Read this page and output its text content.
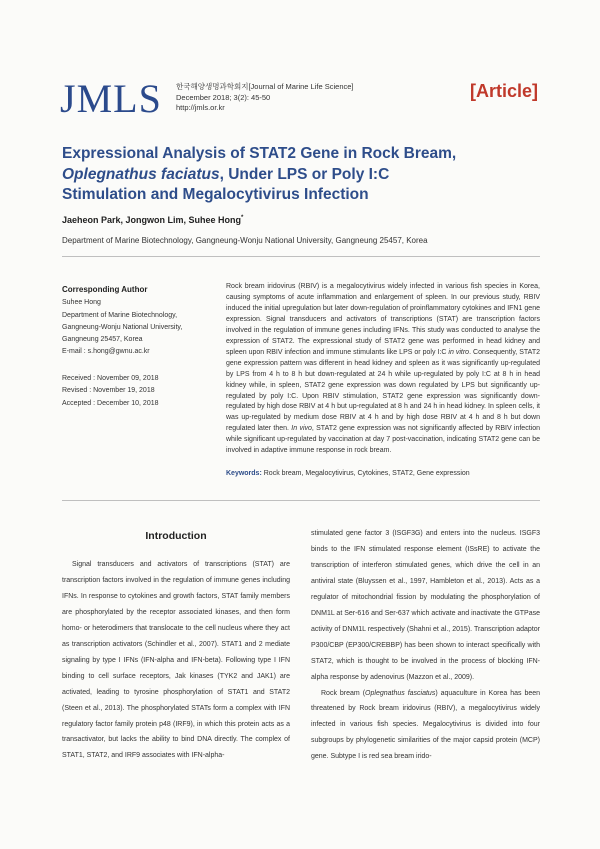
JMLS 한국해양생명과학회지[Journal of Marine Life Science]
December 2018; 3(2): 45-50
http://jmls.or.kr
[Article]
Expressional Analysis of STAT2 Gene in Rock Bream,
Oplegnathus faciatus, Under LPS or Poly I:C
Stimulation and Megalocytivirus Infection
Jaeheon Park, Jongwon Lim, Suhee Hong*
Department of Marine Biotechnology, Gangneung-Wonju National University, Gangneung 25457, Korea
Corresponding Author
Suhee Hong
Department of Marine Biotechnology,
Gangneung-Wonju National University,
Gangneung 25457, Korea
E-mail : s.hong@gwnu.ac.kr
Received : November 09, 2018
Revised : November 19, 2018
Accepted : December 10, 2018
Rock bream iridovirus (RBIV) is a megalocytivirus widely infected in various fish species in Korea, causing symptoms of acute inflammation and enlargement of spleen. In our previous study, RBIV induced the initial upregulation but later down-regulation of proinflammatory cytokines and IFN1 gene expression. Signal transducers and activators of transcriptions (STAT) are transcription factors involved in the regulation of immune genes including IFNs. This study was conducted to analyse the expression of STAT2. The expressional study of STAT2 gene was performed in head kidney and spleen upon RBIV infection and immune stimulants like LPS or poly I:C in vitro. Consequently, STAT2 gene expression pattern was different in head kidney and spleen as it was significantly up-regulated by LPS from 4 h to 8 h but down-regulated at 24 h while up-regulated by poly I:C at 8 h in head kidney while, in spleen, STAT2 gene expression was down regulated by LPS but significantly up-regulated by poly I:C. Upon RBIV stimulation, STAT2 gene expression was significantly down-regulated by high dose RBIV at 4 h but up-regulated at 8 h and 24 h in head kidney. In spleen cells, it was up-regulated by medium dose RBIV at 4 h and by high dose RBIV at 4 h and 8 h but down regulated later then. In vivo, STAT2 gene expression was not significantly affected by RBIV infection while significant up-regulated by vaccination at day 7 post-vaccination, indicating STAT2 gene can be involved in adaptive immune response in rock bream.
Keywords: Rock bream, Megalocytivirus, Cytokines, STAT2, Gene expression
Introduction
Signal transducers and activators of transcriptions (STAT) are transcription factors involved in the regulation of immune genes including IFNs. In response to cytokines and growth factors, STAT family members are phosphorylated by the receptor associated kinases, and then form homo- or heterodimers that translocate to the cell nucleus where they act as transcription activators (Schindler et al., 2007). STAT1 and 2 mediate signaling by type I IFNs (IFN-alpha and IFN-beta). Following type I IFN binding to cell surface receptors, Jak kinases (TYK2 and JAK1) are activated, leading to tyrosine phosphorylation of STAT1 and STAT2 (Steen et al., 2013). The phosphorylated STATs form a complex with IFN regulatory factor family protein p48 (IRF9), in which this protein acts as a transactivator, but lacks the ability to bind DNA directly. The complex of STAT1, STAT2, and IRF9 associates with IFN-alpha-

stimulated gene factor 3 (ISGF3G) and enters into the nucleus. ISGF3 binds to the IFN stimulated response element (ISsRE) to activate the transcription of interferon stimulated genes, which drive the cell in an antiviral state (Bluyssen et al., 1997, Hambleton et al., 2013). Acts as a regulator of mitochondrial fission by modulating the phosphorylation of DNM1L at Ser-616 and Ser-637 which activate and inactivate the GTPase activity of DNM1L respectively (Shahni et al., 2015). Transcription adaptor P300/CBP (EP300/CREBBP) has been shown to interact specifically with STAT2, which is thought to be involved in the process of blocking IFN-alpha response by adenovirus (Mazzon et al., 2009).

Rock bream (Oplegnathus fasciatus) aquaculture in Korea has been threatened by Rock bream iridovirus (RBIV), a megalocytivirus widely infected in various fish species. Megalocytivirus is divided into four subgroups by phylogenetic similarities of the major capsid protein (MCP) gene. Subtype I is red sea bream irido-
